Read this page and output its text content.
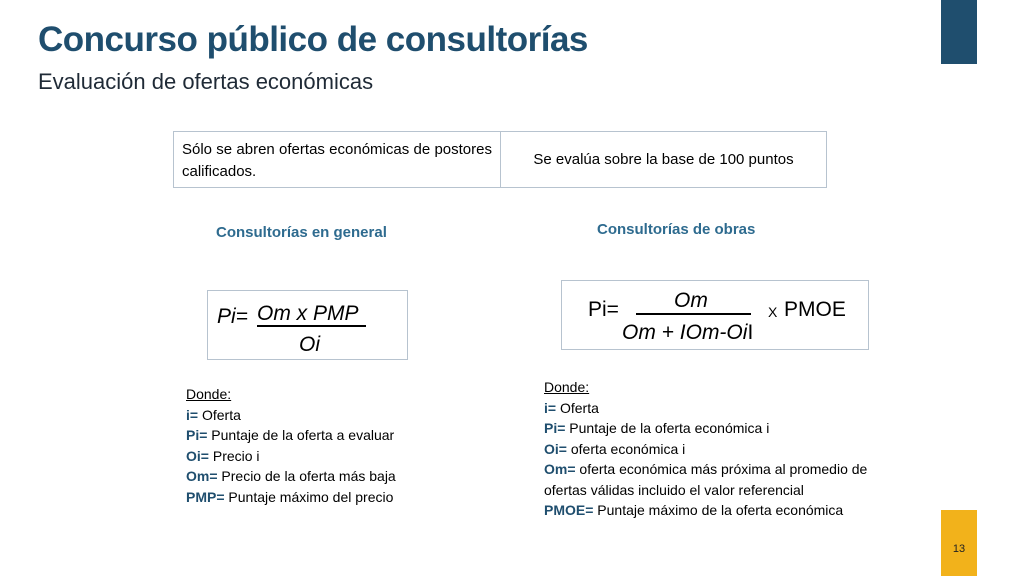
Concurso público de consultorías
Evaluación de ofertas económicas
Sólo se abren ofertas económicas de postores calificados.
Se evalúa sobre la base de 100 puntos
Consultorías en general
Pi= Om x PMP
Oi
Donde:
i= Oferta
Pi= Puntaje de la oferta a evaluar
Oi= Precio i
Om= Precio de la oferta más baja
PMP= Puntaje máximo del precio
Consultorías de obras
Pi=	Om
Om + IOm-OiI
X PMOE
Donde:
i= Oferta
Pi= Puntaje de la oferta económica i
Oi= oferta económica i
Om= oferta económica más próxima al promedio de
ofertas válidas incluido el valor referencial
PMOE= Puntaje máximo de la oferta económica
13
